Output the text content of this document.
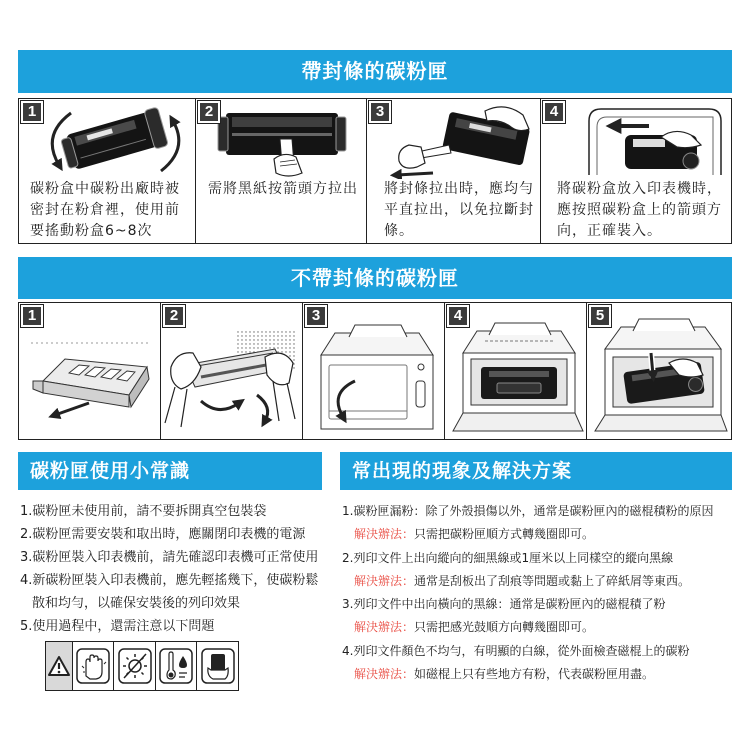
帶封條的碳粉匣
1
碳粉盒中碳粉出廠時被
密封在粉倉裡，使用前
要搖動粉盒6~8次
2
需將黑紙按箭頭方拉出
3
將封條拉出時，應均勻
平直拉出，以免拉斷封
條。
4
將碳粉盒放入印表機時，
應按照碳粉盒上的箭頭方
向，正確裝入。
不帶封條的碳粉匣
1	2	3	4	5
碳粉匣使用小常識	常出現的現象及解決方案
1.碳粉匣未使用前，請不要拆開真空包裝袋
2.碳粉匣需要安裝和取出時，應關閉印表機的電源
3.碳粉匣裝入印表機前，請先確認印表機可正常使用
4.新碳粉匣裝入印表機前，應先輕搖幾下，使碳粉鬆
散和均勻，以確保安裝後的列印效果
5.使用過程中，還需注意以下問題
1.碳粉匣漏粉：除了外殼損傷以外，通常是碳粉匣內的磁棍積粉的原因
解決辦法：只需把碳粉匣順方式轉幾圈即可。
2.列印文件上出向縱向的細黑線或1厘米以上同樣空的縱向黑線
解決辦法：通常是刮板出了刮痕等問題或黏上了碎紙屑等東西。
3.列印文件中出向橫向的黑線：通常是碳粉匣內的磁棍積了粉
解決辦法：只需把感光鼓順方向轉幾圈即可。
4.列印文件顏色不均勻，有明顯的白線，從外面檢查磁棍上的碳粉
解決辦法：如磁棍上只有些地方有粉，代表碳粉匣用盡。
